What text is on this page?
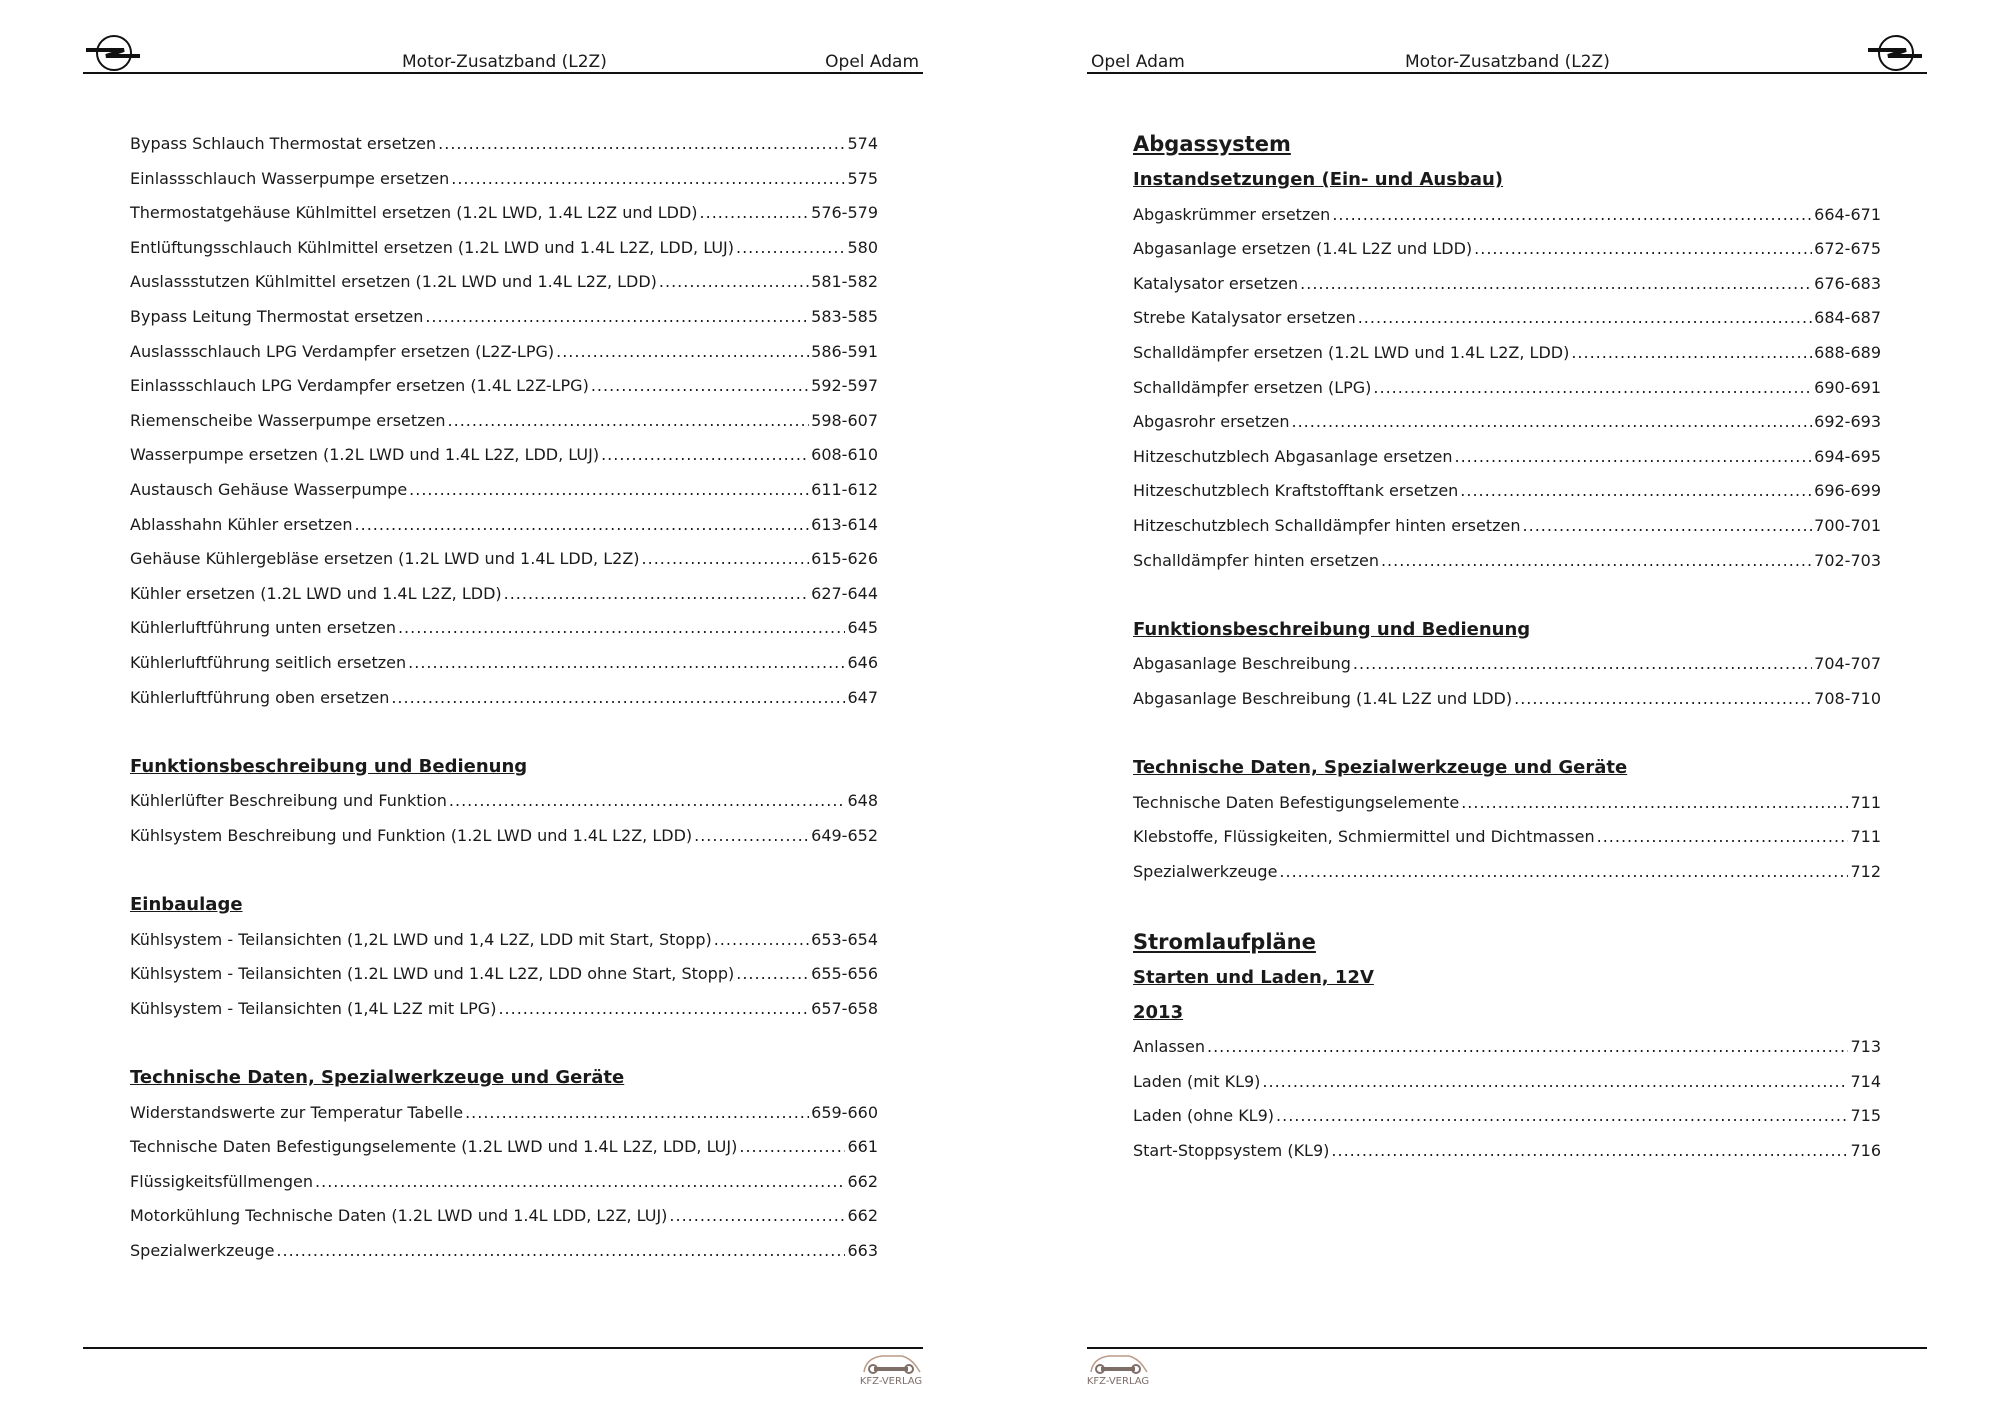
Motor-Zusatzband (L2Z)	Opel Adam	Opel Adam	Motor-Zusatzband (L2Z)
Bypass Schlauch Thermostat ersetzen .....	574
Einlassschlauch Wasserpumpe ersetzen .....	575
Thermostatgehäuse Kühlmittel ersetzen (1.2L LWD, 1.4L L2Z und LDD) .....	576-579
Entlüftungsschlauch Kühlmittel ersetzen (1.2L LWD und 1.4L L2Z, LDD, LUJ) .....	580
Auslassstutzen Kühlmittel ersetzen (1.2L LWD und 1.4L L2Z, LDD) .....	581-582
Bypass Leitung Thermostat ersetzen .....	583-585
Auslassschlauch LPG Verdampfer ersetzen (L2Z-LPG) .....	586-591
Einlassschlauch LPG Verdampfer ersetzen (1.4L L2Z-LPG) .....	592-597
Riemenscheibe Wasserpumpe ersetzen .....	598-607
Wasserpumpe ersetzen (1.2L LWD und 1.4L L2Z, LDD, LUJ) .....	608-610
Austausch Gehäuse Wasserpumpe .....	611-612
Ablasshahn Kühler ersetzen .....	613-614
Gehäuse Kühlergebläse ersetzen (1.2L LWD und 1.4L LDD, L2Z) .....	615-626
Kühler ersetzen (1.2L LWD und 1.4L L2Z, LDD) .....	627-644
Kühlerluftführung unten ersetzen .....	645
Kühlerluftführung seitlich ersetzen .....	646
Kühlerluftführung oben ersetzen .....	647
Funktionsbeschreibung und Bedienung
Kühlerlüfter Beschreibung und Funktion .....	648
Kühlsystem Beschreibung und Funktion (1.2L LWD und 1.4L L2Z, LDD) .....	649-652
Einbaulage
Kühlsystem - Teilansichten (1,2L LWD und 1,4 L2Z, LDD mit Start, Stopp) .....	653-654
Kühlsystem - Teilansichten (1.2L LWD und 1.4L L2Z, LDD ohne Start, Stopp) .....	655-656
Kühlsystem - Teilansichten (1,4L L2Z mit LPG) .....	657-658
Technische Daten, Spezialwerkzeuge und Geräte
Widerstandswerte zur Temperatur Tabelle .....	659-660
Technische Daten Befestigungselemente (1.2L LWD und 1.4L L2Z, LDD, LUJ) .....	661
Flüssigkeitsfüllmengen .....	662
Motorkühlung Technische Daten (1.2L LWD und 1.4L LDD, L2Z, LUJ) .....	662
Spezialwerkzeuge .....	663
Abgassystem
Instandsetzungen (Ein- und Ausbau)
Abgaskrümmer ersetzen .....	664-671
Abgasanlage ersetzen (1.4L L2Z und LDD) .....	672-675
Katalysator ersetzen .....	676-683
Strebe Katalysator ersetzen .....	684-687
Schalldämpfer ersetzen (1.2L LWD und 1.4L L2Z, LDD) .....	688-689
Schalldämpfer ersetzen (LPG) .....	690-691
Abgasrohr ersetzen .....	692-693
Hitzeschutzblech Abgasanlage ersetzen .....	694-695
Hitzeschutzblech Kraftstofftank ersetzen .....	696-699
Hitzeschutzblech Schalldämpfer hinten ersetzen .....	700-701
Schalldämpfer hinten ersetzen .....	702-703
Funktionsbeschreibung und Bedienung
Abgasanlage Beschreibung .....	704-707
Abgasanlage Beschreibung (1.4L L2Z und LDD) .....	708-710
Technische Daten, Spezialwerkzeuge und Geräte
Technische Daten Befestigungselemente .....	711
Klebstoffe, Flüssigkeiten, Schmiermittel und Dichtmassen .....	711
Spezialwerkzeuge .....	712
Stromlaufpläne
Starten und Laden, 12V
2013
Anlassen .....	713
Laden (mit KL9) .....	714
Laden (ohne KL9) .....	715
Start-Stoppsystem (KL9) .....	716
KFZ-VERLAG	KFZ-VERLAG
